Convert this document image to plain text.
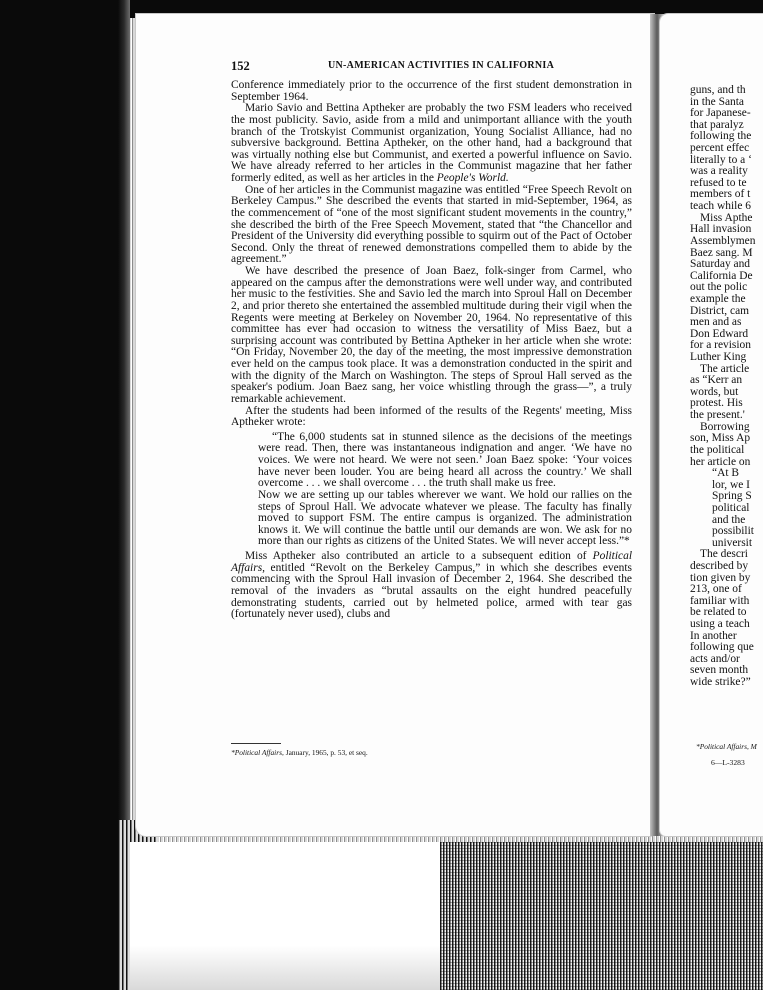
152	UN-AMERICAN ACTIVITIES IN CALIFORNIA

Conference immediately prior to the occurrence of the first student demonstration in September 1964.

Mario Savio and Bettina Aptheker are probably the two FSM leaders who received the most publicity. Savio, aside from a mild and unimportant alliance with the youth branch of the Trotskyist Communist organization, Young Socialist Alliance, had no subversive background. Bettina Aptheker, on the other hand, had a background that was virtually nothing else but Communist, and exerted a powerful influence on Savio. We have already referred to her articles in the Communist magazine that her father formerly edited, as well as her articles in the People's World.

One of her articles in the Communist magazine was entitled “Free Speech Revolt on Berkeley Campus.” She described the events that started in mid-September, 1964, as the commencement of “one of the most significant student movements in the country,” she described the birth of the Free Speech Movement, stated that “the Chancellor and President of the University did everything possible to squirm out of the Pact of October Second. Only the threat of renewed demonstrations compelled them to abide by the agreement.”

We have described the presence of Joan Baez, folk-singer from Carmel, who appeared on the campus after the demonstrations were well under way, and contributed her music to the festivities. She and Savio led the march into Sproul Hall on December 2, and prior thereto she entertained the assembled multitude during their vigil when the Regents were meeting at Berkeley on November 20, 1964. No representative of this committee has ever had occasion to witness the versatility of Miss Baez, but a surprising account was contributed by Bettina Aptheker in her article when she wrote: “On Friday, November 20, the day of the meeting, the most impressive demonstration ever held on the campus took place. It was a demonstration conducted in the spirit and with the dignity of the March on Washington. The steps of Sproul Hall served as the speaker's podium. Joan Baez sang, her voice whistling through the grass—”, a truly remarkable achievement.

After the students had been informed of the results of the Regents' meeting, Miss Aptheker wrote:

“The 6,000 students sat in stunned silence as the decisions of the meetings were read. Then, there was instantaneous indignation and anger. ‘We have no voices. We were not heard. We were not seen.’ Joan Baez spoke: ‘Your voices have never been louder. You are being heard all across the country.’ We shall overcome . . . we shall overcome . . . the truth shall make us free.

Now we are setting up our tables wherever we want. We hold our rallies on the steps of Sproul Hall. We advocate whatever we please. The faculty has finally moved to support FSM. The entire campus is organized. The administration knows it. We will continue the battle until our demands are won. We ask for no more than our rights as citizens of the United States. We will never accept less.”*

Miss Aptheker also contributed an article to a subsequent edition of Political Affairs, entitled “Revolt on the Berkeley Campus,” in which she describes events commencing with the Sproul Hall invasion of December 2, 1964. She described the removal of the invaders as “brutal assaults on the eight hundred peacefully demonstrating students, carried out by helmeted police, armed with tear gas (fortunately never used), clubs and

*Political Affairs, January, 1965, p. 53, et seq.
guns, and th
in the Santa
for Japanese-
that paralyz
following the
percent effec
literally to a ‘
was a reality
refused to te
members of t
teach while 6
Miss Apthe
Hall invasion
Assemblymen
Baez sang. M
Saturday and
California De
out the polic
example the
District, cam
men and as
Don Edward
for a revision
Luther King
The article
as “Kerr an
words, but
protest. His
the present.'
Borrowing
son, Miss Ap
the political
her article on
“At B
lor, we I
Spring S
political
and the
possibilit
universit
The descri
described by
tion given by
213, one of
familiar with
be related to
using a teach
In another
following que
acts and/or
seven month
wide strike?”
*Political Affairs, M
6—L-3283
